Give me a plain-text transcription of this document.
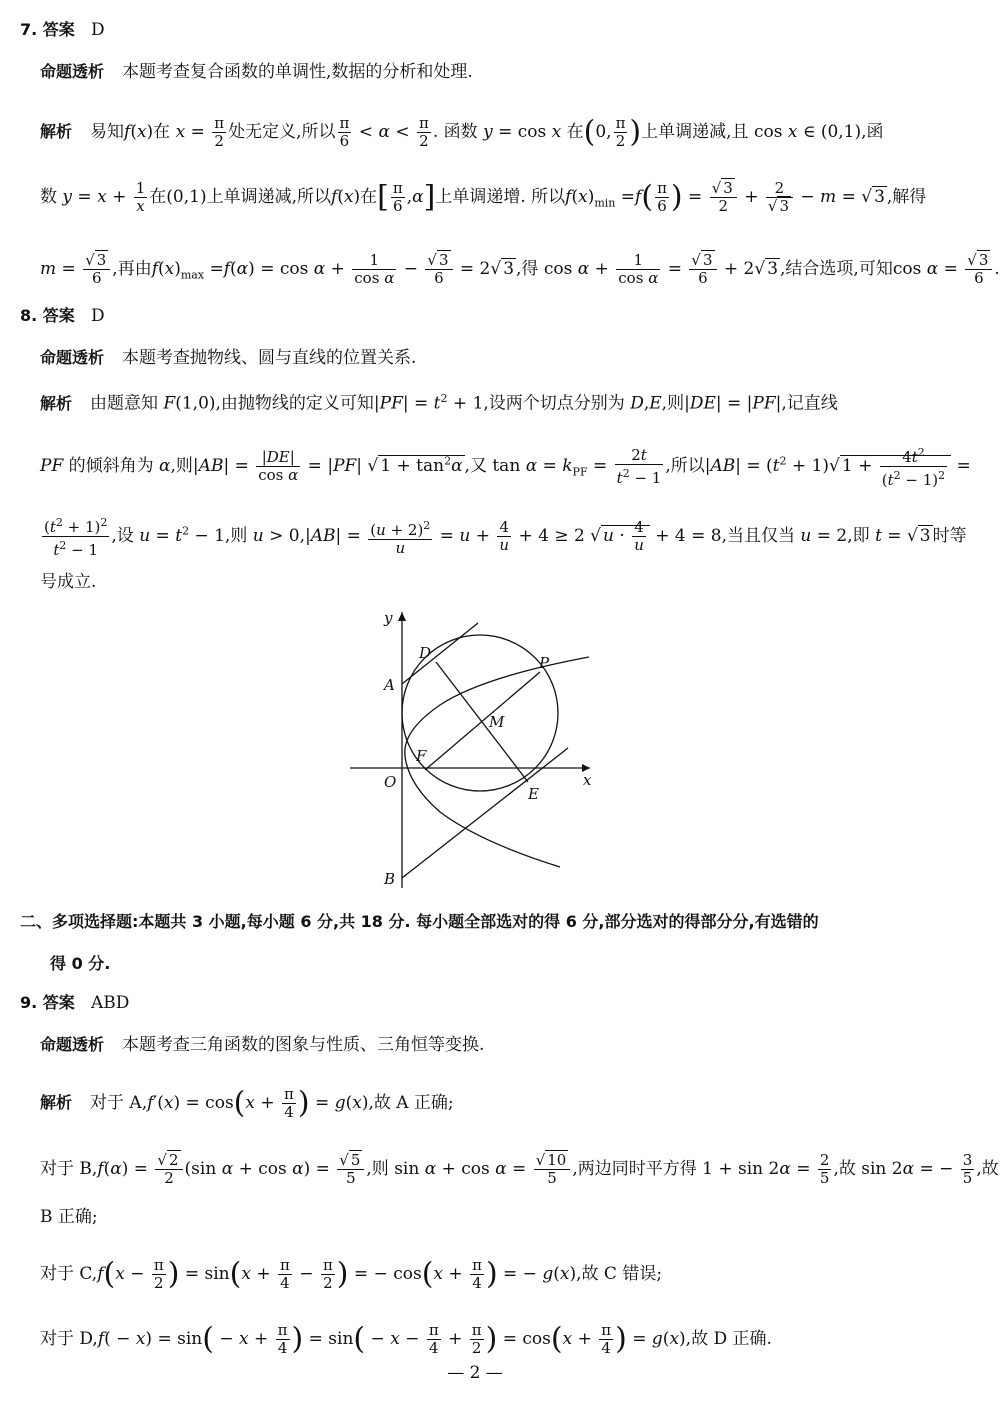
7. 答案 D
命题透析 本题考查复合函数的单调性,数据的分析和处理.
解析 易知f(x)在 $x = \frac{\pi}{2}$ 处无定义,所以 $\frac{\pi}{6} < \alpha < \frac{\pi}{2}$ . 函数 y = cos x 在(0, $\frac{\pi}{2}$ )上单调递减,且 cos x ∈ (0,1),函
数 $y = x + \frac{1}{x}$ 在(0,1)上单调递减,所以f(x)在[ $\frac{\pi}{6} ,\alpha$]上单调递增. 所以$f(x)_{min} =f( \frac{\pi}{6}$ ) = $\frac{√ 3}{2} + \frac{2}{√ 3} - m$ = √ 3 ,解得
$m = \frac{√ 3}{6}$ ,再由$f(x)_{max} =f(\alpha) = \cos \alpha + \frac{1}{\text{cos α}} - \frac{√ 3}{6} = 2√$ 3 ,得 $\cos \alpha + \frac{1}{\text{cos α}} = \frac{√ 3}{6} + 2√$ 3 ,结合选项,可知$\cos \alpha = \frac{√ 3}{6}$ .
8. 答案 D
命题透析 本题考查抛物线、圆与直线的位置关系.
解析 由题意知 F(1,0),由抛物线的定义可知$|PF| = t^2 + 1$,设两个切点分别为 D,E,则|DE| = |PF|,记直线
PF 的倾斜角为 α,则$|AB| = \frac{|DE|}{\text{cos α}} = |PF|$ √ $1 + \tan^2\alpha$ ,又 $\tan \alpha = k_{PF} = \frac{2t}{t^2 - 1}$ ,所以$|AB| = (t^2 + 1)√$ $1 + \frac{4t^2}{(t^2 - 1)^2}$ =
$\frac{(t^2 + 1)^2}{t^2 - 1}$ ,设 $u = t^2 - 1$,则 $u > 0,|AB| = \frac{(u + 2)^2}{u} = u + \frac{4}{u} + 4 \ge 2$ √ $u \cdot \frac{4}{u} + 4 = 8$,当且仅当 u = 2,即 t = √ 3 时等
号成立.
y
x
O
A
B
D
P
M
F
E
二、多项选择题:本题共 3 小题,每小题 6 分,共 18 分. 每小题全部选对的得 6 分,部分选对的得部分分,有选错的
得 0 分.
9. 答案 ABD
命题透析 本题考查三角函数的图象与性质、三角恒等变换.
解析 对于 $A,f'(x) = \cos(x + \frac{\pi}{4}$ ) = g(x),故 A 正确;
对于 $B,f(\alpha) = \frac{√ 2}{2} (\sin$ $\alpha + \cos \alpha) = \frac{√ 5}{5}$ ,则 $\sin \alpha + \cos \alpha = \frac{√ 10}{5}$ ,两边同时平方得 $1 + \sin 2\alpha = \frac{2}{5}$ ,故 sin 2α = − $\frac{3}{5}$ ,故
B 正确;
对于 $C,f(x - \frac{\pi}{2}$ ) = $\sin(x + \frac{\pi}{4} - \frac{\pi}{2}$ ) = − $\cos(x + \frac{\pi}{4}$ ) = − g(x),故 C 错误;
对于 $D,f( - x) = \sin( - x + \frac{\pi}{4}$ ) = $\sin( - x - \frac{\pi}{4} + \frac{\pi}{2}$ ) = $\cos(x + \frac{\pi}{4}$ ) = g(x),故 D 正确.
— 2 —
